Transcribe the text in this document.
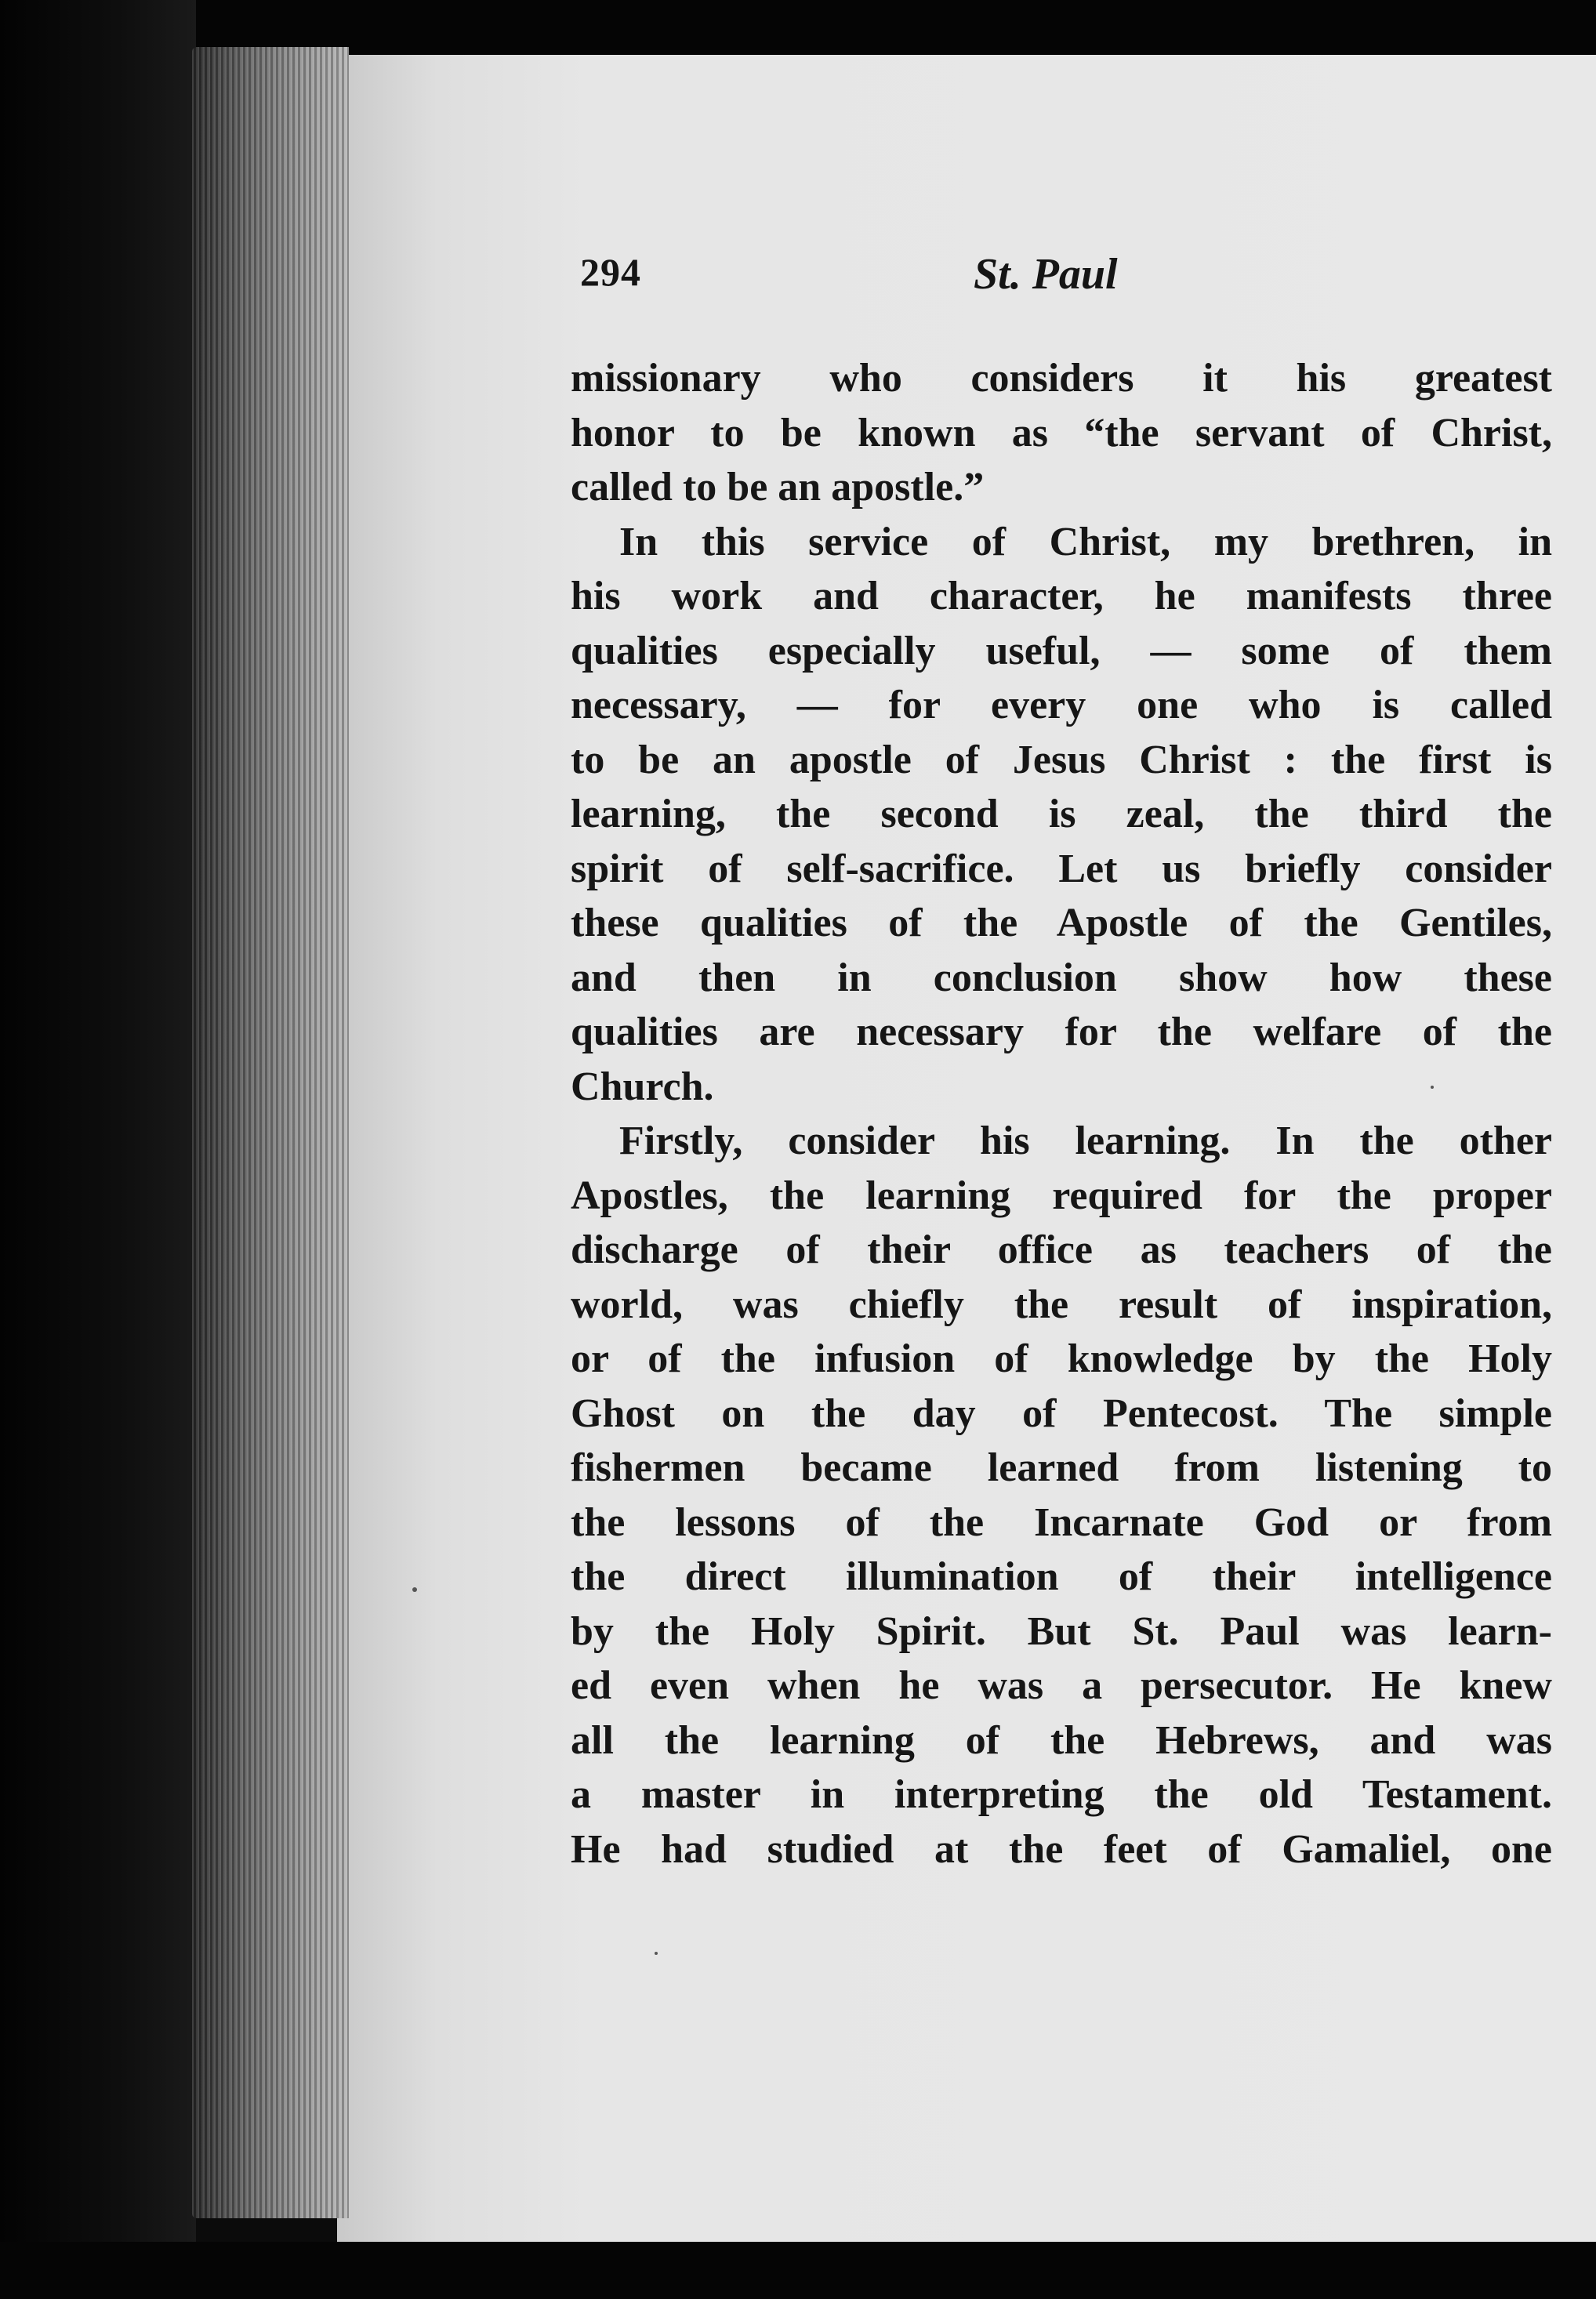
294	St. Paul
missionary who considers it his greatest
honor to be known as “the servant of Christ,
called to be an apostle.”
In this service of Christ, my brethren, in
his work and character, he manifests three
qualities especially useful, — some of them
necessary, — for every one who is called
to be an apostle of Jesus Christ : the first is
learning, the second is zeal, the third the
spirit of self-sacrifice. Let us briefly consider
these qualities of the Apostle of the Gentiles,
and then in conclusion show how these
qualities are necessary for the welfare of the
Church.
Firstly, consider his learning. In the other
Apostles, the learning required for the proper
discharge of their office as teachers of the
world, was chiefly the result of inspiration,
or of the infusion of knowledge by the Holy
Ghost on the day of Pentecost. The simple
fishermen became learned from listening to
the lessons of the Incarnate God or from
the direct illumination of their intelligence
by the Holy Spirit. But St. Paul was learn-
ed even when he was a persecutor. He knew
all the learning of the Hebrews, and was
a master in interpreting the old Testament.
He had studied at the feet of Gamaliel, one
